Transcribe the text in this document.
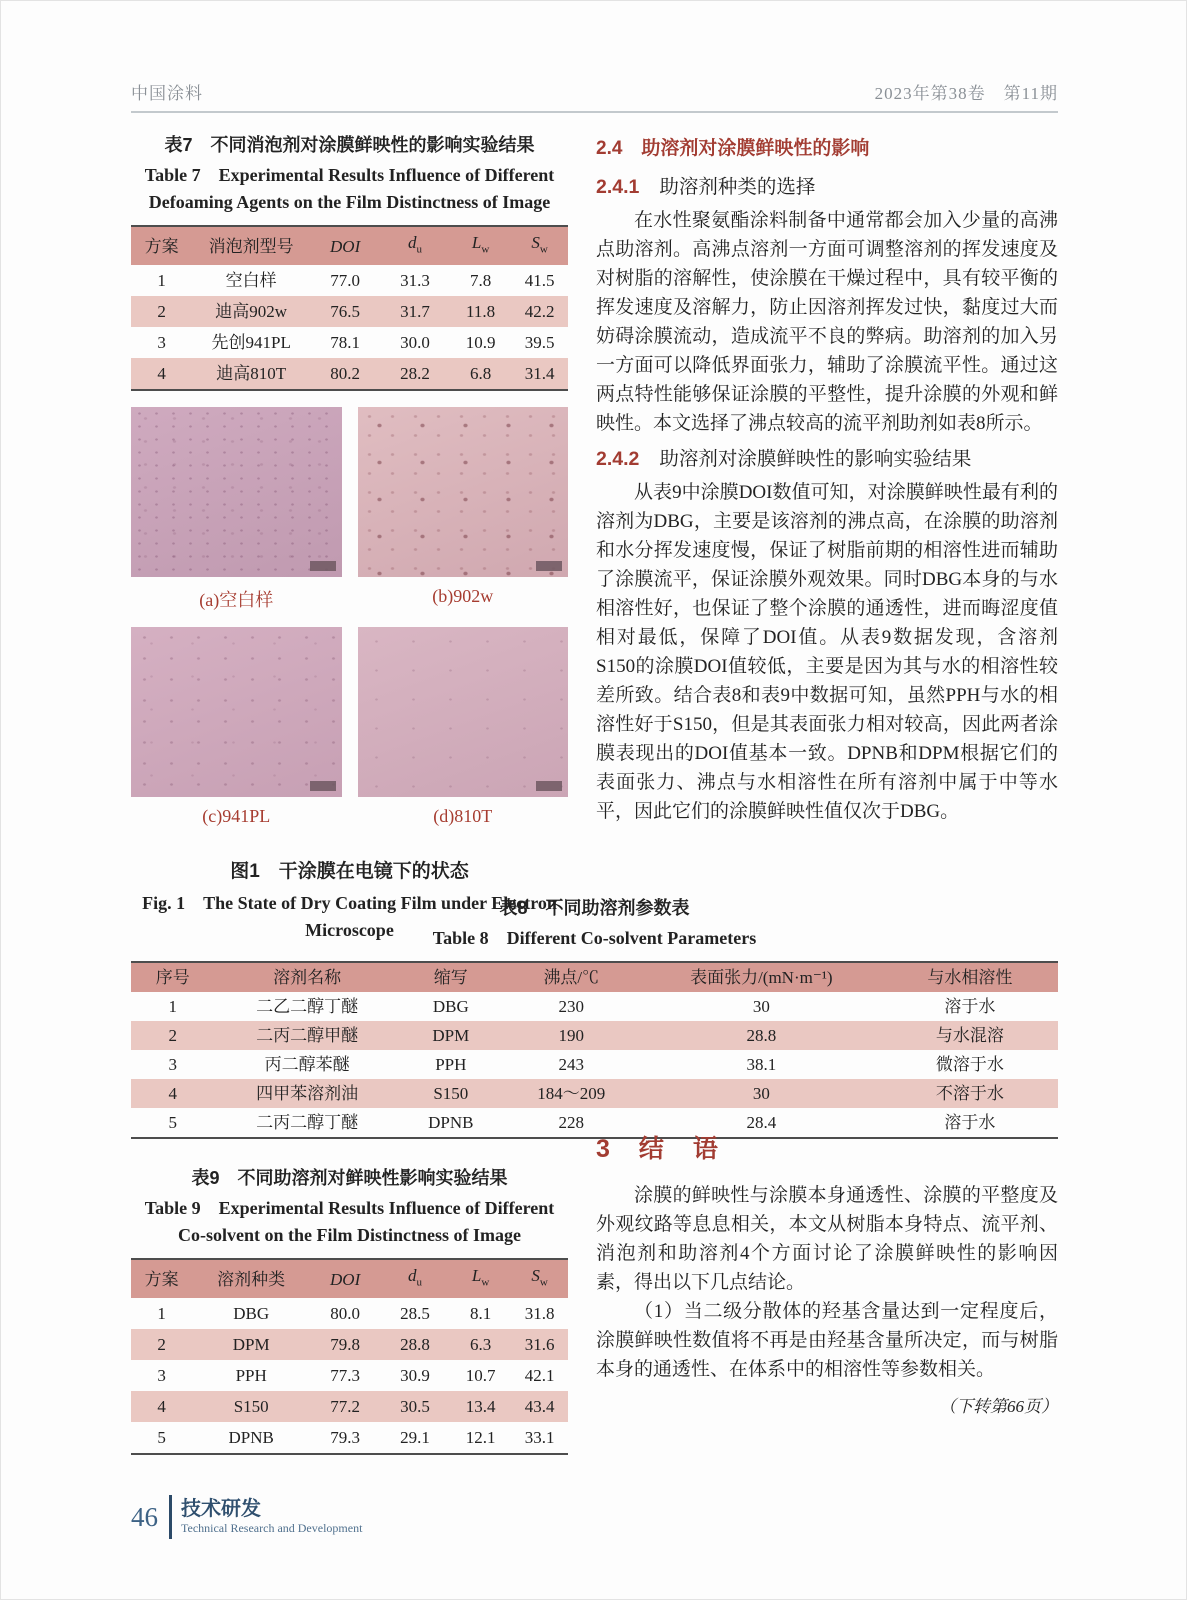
中国涂料	2023年第38卷　第11期
表7　不同消泡剂对涂膜鲜映性的影响实验结果
Table 7　Experimental Results Influence of Different
Defoaming Agents on the Film Distinctness of Image
方案	消泡剂型号	DOI	$d_u$	$L_w$	$S_w$
1	空白样	77.0	31.3	7.8	41.5
2	迪高902w	76.5	31.7	11.8	42.2
3	先创941PL	78.1	30.0	10.9	39.5
4	迪高810T	80.2	28.2	6.8	31.4
(a)空白样	(b)902w
(c)941PL	(d)810T
图1　干涂膜在电镜下的状态
Fig. 1　The State of Dry Coating Film under Electron
Microscope
2.4　助溶剂对涂膜鲜映性的影响
2.4.1 助溶剂种类的选择

在水性聚氨酯涂料制备中通常都会加入少量的高沸点助溶剂。高沸点溶剂一方面可调整溶剂的挥发速度及对树脂的溶解性，使涂膜在干燥过程中，具有较平衡的挥发速度及溶解力，防止因溶剂挥发过快，黏度过大而妨碍涂膜流动，造成流平不良的弊病。助溶剂的加入另一方面可以降低界面张力，辅助了涂膜流平性。通过这两点特性能够保证涂膜的平整性，提升涂膜的外观和鲜映性。本文选择了沸点较高的流平剂助剂如表8所示。

2.4.2 助溶剂对涂膜鲜映性的影响实验结果

从表9中涂膜DOI数值可知，对涂膜鲜映性最有利的溶剂为DBG，主要是该溶剂的沸点高，在涂膜的助溶剂和水分挥发速度慢，保证了树脂前期的相溶性进而辅助了涂膜流平，保证涂膜外观效果。同时DBG本身的与水相溶性好，也保证了整个涂膜的通透性，进而晦涩度值相对最低，保障了DOI值。从表9数据发现，含溶剂S150的涂膜DOI值较低，主要是因为其与水的相溶性较差所致。结合表8和表9中数据可知，虽然PPH与水的相溶性好于S150，但是其表面张力相对较高，因此两者涂膜表现出的DOI值基本一致。DPNB和DPM根据它们的表面张力、沸点与水相溶性在所有溶剂中属于中等水平，因此它们的涂膜鲜映性值仅次于DBG。

表8　不同助溶剂参数表
Table 8　Different Co-solvent Parameters
序号	溶剂名称	缩写	沸点/℃	表面张力/(mN·m⁻¹)	与水相溶性
1	二乙二醇丁醚	DBG	230	30	溶于水
2	二丙二醇甲醚	DPM	190	28.8	与水混溶
3	丙二醇苯醚	PPH	243	38.1	微溶于水
4	四甲苯溶剂油	S150	184～209	30	不溶于水
5	二丙二醇丁醚	DPNB	228	28.4	溶于水
表9　不同助溶剂对鲜映性影响实验结果
Table 9　Experimental Results Influence of Different
Co-solvent on the Film Distinctness of Image
方案	溶剂种类	DOI	$d_u$	$L_w$	$S_w$
1	DBG	80.0	28.5	8.1	31.8
2	DPM	79.8	28.8	6.3	31.6
3	PPH	77.3	30.9	10.7	42.1
4	S150	77.2	30.5	13.4	43.4
5	DPNB	79.3	29.1	12.1	33.1
3　结　语

涂膜的鲜映性与涂膜本身通透性、涂膜的平整度及外观纹路等息息相关，本文从树脂本身特点、流平剂、消泡剂和助溶剂4个方面讨论了涂膜鲜映性的影响因素，得出以下几点结论。

（1）当二级分散体的羟基含量达到一定程度后，涂膜鲜映性数值将不再是由羟基含量所决定，而与树脂本身的通透性、在体系中的相溶性等参数相关。

（下转第66页）
46 技术研发
Technical Research and Development
